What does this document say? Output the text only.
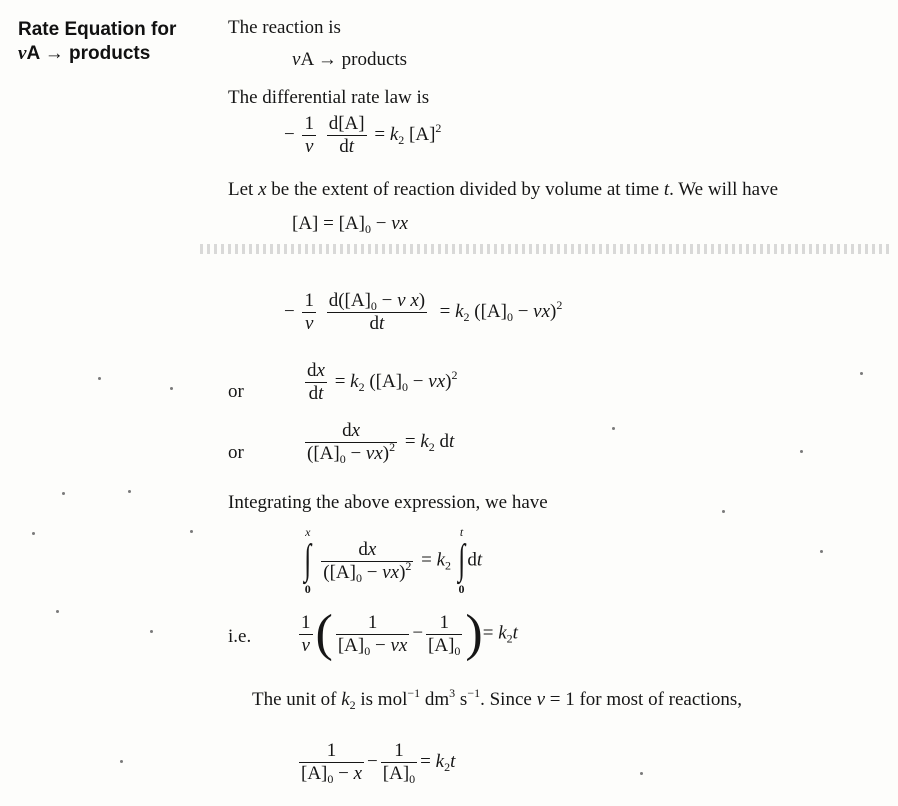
Rate Equation for
νA → products
The reaction is
νA → products
The differential rate law is
− $\frac{1}{\nu}$
$\frac{d[A]}{dt} = k_2$ $[A]^2$
Let x be the extent of reaction divided by volume at time t. We will have
$[A] = [A]_0 - \nu x$
− $\frac{1}{\nu}$
$\frac{d([A]_0 - \nu x)}{dt} = k_2$ $([A]_0 - \nu x)^2$
or	$\frac{dx}{dt} = k_2$ $([A]_0 - \nu x)^2$
or	$\frac{dx}{([A]_0 - \nu x)^2} = k_2$ dt
Integrating the above expression, we have
x
∫
0

$\frac{dx}{([A]_0 - \nu x)^2} = k_2$
t
∫
0
dt
i.e.	$\frac{1}{\nu}$ ( $\frac{1}{[A]_0 - \nu x} - \frac{1}{[A]_0}$ )= $k_2t$
The unit of $k_2$ is mol$^{-1}$ $dm^3$ $s^{-1}$. Since ν = 1 for most of reactions,
$\frac{1}{[A]_0 - x} - \frac{1}{[A]_0} = k_2t$
